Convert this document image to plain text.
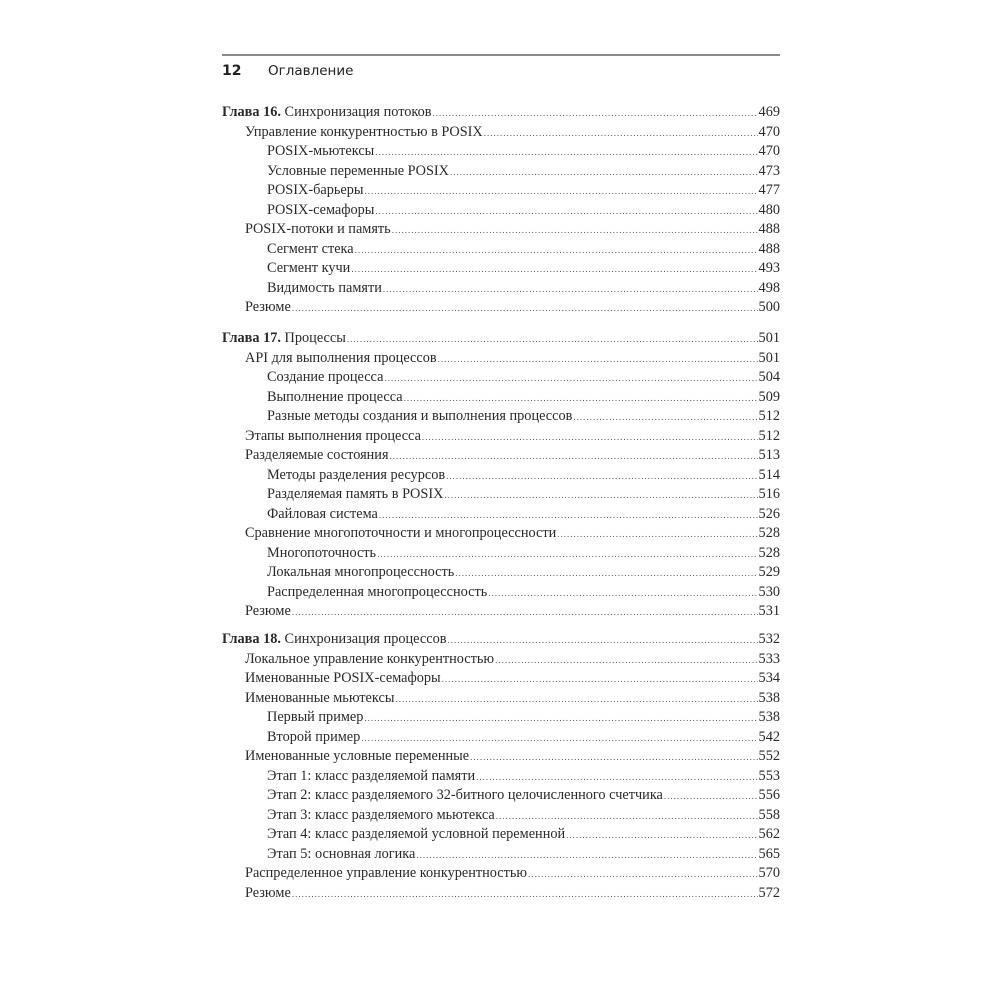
12	Оглавление
Глава 16. Синхронизация потоков .....	469
Управление конкурентностью в POSIX .....	470
POSIX-мьютексы .....	470
Условные переменные POSIX .....	473
POSIX-барьеры .....	477
POSIX-семафоры .....	480
POSIX-потоки и память .....	488
Сегмент стека .....	488
Сегмент кучи .....	493
Видимость памяти .....	498
Резюме .....	500
Глава 17. Процессы .....	501
API для выполнения процессов .....	501
Создание процесса .....	504
Выполнение процесса .....	509
Разные методы создания и выполнения процессов .....	512
Этапы выполнения процесса .....	512
Разделяемые состояния .....	513
Методы разделения ресурсов .....	514
Разделяемая память в POSIX .....	516
Файловая система .....	526
Сравнение многопоточности и многопроцессности .....	528
Многопоточность .....	528
Локальная многопроцессность .....	529
Распределенная многопроцессность .....	530
Резюме .....	531
Глава 18. Синхронизация процессов .....	532
Локальное управление конкурентностью .....	533
Именованные POSIX-семафоры .....	534
Именованные мьютексы .....	538
Первый пример .....	538
Второй пример .....	542
Именованные условные переменные .....	552
Этап 1: класс разделяемой памяти .....	553
Этап 2: класс разделяемого 32-битного целочисленного счетчика .....	556
Этап 3: класс разделяемого мьютекса .....	558
Этап 4: класс разделяемой условной переменной .....	562
Этап 5: основная логика .....	565
Распределенное управление конкурентностью .....	570
Резюме .....	572
